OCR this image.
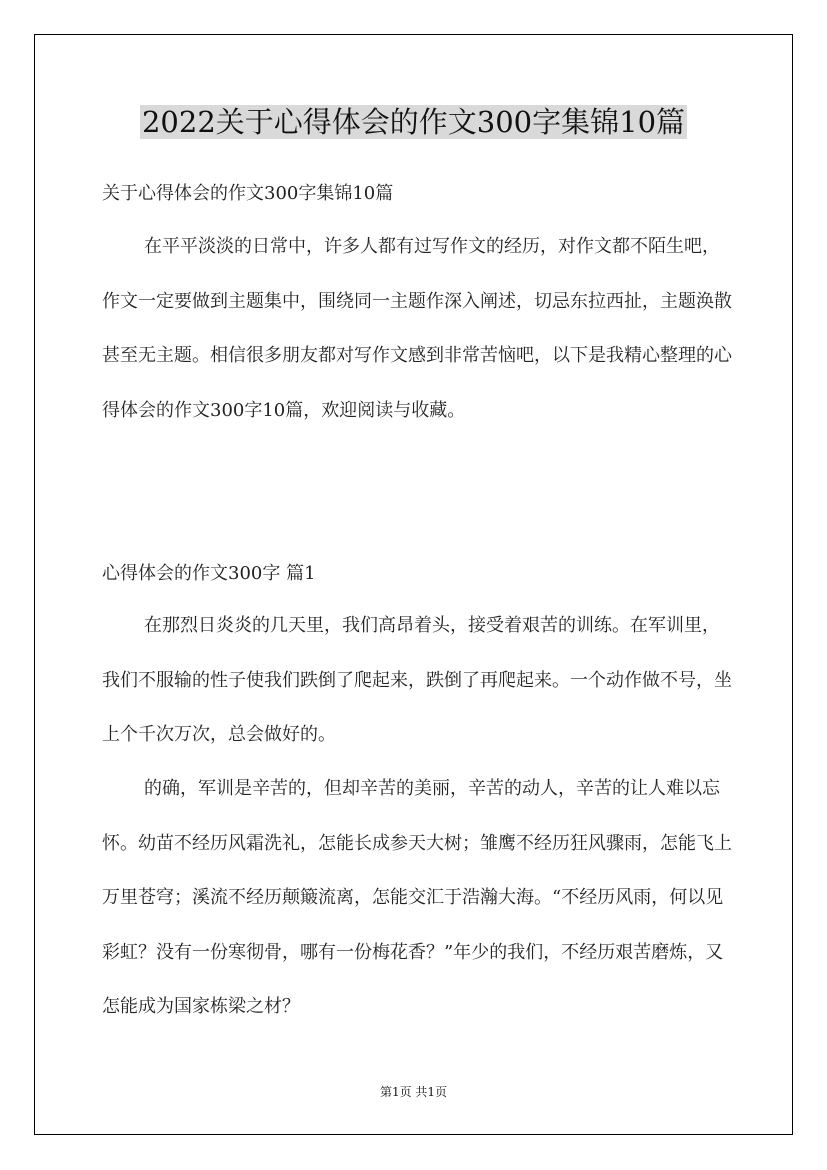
2022关于心得体会的作文300字集锦10篇

关于心得体会的作文300字集锦10篇

在平平淡淡的日常中，许多人都有过写作文的经历，对作文都不陌生吧，作文一定要做到主题集中，围绕同一主题作深入阐述，切忌东拉西扯，主题涣散甚至无主题。相信很多朋友都对写作文感到非常苦恼吧，以下是我精心整理的心得体会的作文300字10篇，欢迎阅读与收藏。

心得体会的作文300字 篇1

在那烈日炎炎的几天里，我们高昂着头，接受着艰苦的训练。在军训里，我们不服输的性子使我们跌倒了爬起来，跌倒了再爬起来。一个动作做不号，坐上个千次万次，总会做好的。

的确，军训是辛苦的，但却辛苦的美丽，辛苦的动人，辛苦的让人难以忘怀。幼苗不经历风霜洗礼，怎能长成参天大树；雏鹰不经历狂风骤雨，怎能飞上万里苍穹；溪流不经历颠簸流离，怎能交汇于浩瀚大海。“不经历风雨，何以见彩虹？没有一份寒彻骨，哪有一份梅花香？”年少的我们，不经历艰苦磨炼，又怎能成为国家栋梁之材？

第1页 共1页
